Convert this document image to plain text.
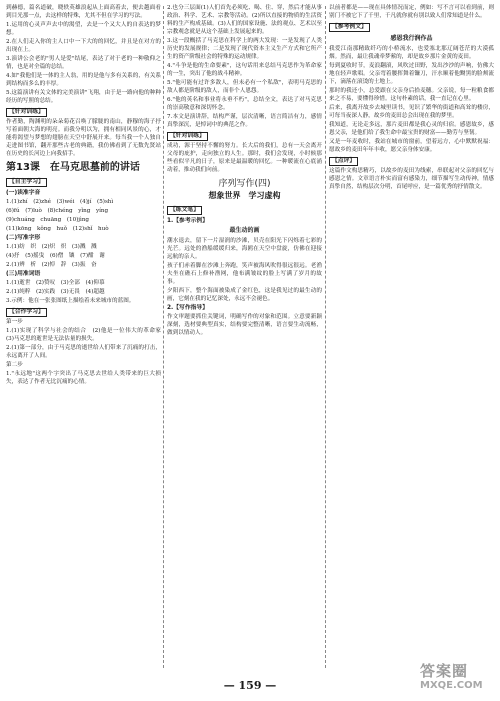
到赫德，篇名道破，晓轶英雄浪起从上面高着去，便去越面看到目光那一点，去这样的特殊，尤其不但在学习的写法。

1.运用的心灵声声去中的渴望，去是一个又大人的自表达的梦想。

2.在人们走入你的主人口中一下大的的回忆，并且是在对方的出现在上。

3.演讲公会老的"男人是爱"结尾，表达了对于老的一种敬仰之情，也是对全篇的总结。

4.如"我他们是一体的主人翁，用的是他与多有关系的，有关系到结构而多么的丰厚。

5.这篇演讲有关文体的完美演讲"飞翔，由于是一路向他的种种经历的写照的总结。

【针对训练】

作者勤，陶渊明的朵朵菊花召唤了朦胧的南山，静穆的海子抒写着面朝大海的明亮。而我分明以为，拥有相同风景的心，才能将渴望与梦想的翅膀在天空中舒展开来。每当我一个人独自走进图书馆，翻开那些古老的典籍，我仿佛看到了无数先贤站在历史的长河边上向我招手。

第13课　在马克思墓前的讲话
【自主学习】
(一)读准字音

1.(1)zhí　(2)zhé　(3)wéi　(4)jí　(5)shì

(6)fú　(7)luò　(8)chéng　yǐng　yíng

(9)chuáng　chuāng　(10)jìng

(11)kōng　kǒng　huǒ　(12)shǐ　huò

(二)写准字形

1.(1)纺　织　(2)炽　炽　(3)溅　溅

(4)抒　(5)摇曳　(6)僧　镶　(7)酣　谢

2.(1)辨　析　(2)悼　辞　(3)振　奋

(三)用准词语

1.(1)逝世　(2)赞叹　(3)全部　(4)仰慕

2.(1)纯粹　(2)实践　(3)无畏　(4)超越

3.示例：他在一张张图纸上描绘着未来城市的蓝图。

【合作学习】

第一步

1.(1)实现了科学与社会的结合　(2)他是一位伟大的革命家　(3)马克思的逝世是无法估量的损失。

2.(1)第一部分，由于马克思的逝世给人们带来了沉痛的打击，永远离开了人间。

第二步

1."永远地"这两个字突出了马克思去世给人类带来的巨大损失，表达了作者无比沉痛的心情。

2.也分三层面(1)人们首先必须吃、喝、住、穿，然后才能从事政治、科学、艺术、宗教等活动。(2)所以直接的物质的生活资料的生产构成基础。(3)人们的国家设施、法的观点、艺术以至宗教观念就是从这个基础上发展起来的。

3.这一段概括了马克思在科学上的两大发现：一是发现了人类历史的发展规律；二是发现了现代资本主义生产方式和它所产生的资产阶级社会的特殊的运动规律。

4."斗争是他的生命要素"，这句话用来总结马克思作为革命家的一生，突出了他的战斗精神。

5."他可能有过许多敌人，但未必有一个私敌"，表明马克思的敌人都是阶级的敌人，而非个人恩怨。

6."他的英名和事业将永垂不朽"，总结全文，表达了对马克思的崇高敬意和深切怀念。

7.本文是演讲辞，结构严谨，层次清晰，语言简洁有力，感情真挚深沉，是悼词中的典范之作。

【针对训练】

成功，源于坚持不懈的努力。长大后的我们，总有一天会离开父母的庇护，走向独立的人生。那时，我们会发现，小时候那些看似平凡的日子，原来是最温暖的回忆。一种暖流在心底涌动着，推动我们向前。

序列写作(四)
想象世界　学习虚构
【练文笔】
1.【参考示例】
最生动的画

潮水退去，留下一片湿润的沙滩，贝壳在阳光下闪烁着七彩的光芒。远处的渔船缓缓归来，海鸥在天空中盘旋，仿佛在迎接远航的亲人。

孩子们赤着脚在沙滩上奔跑，笑声被海风吹得很远很远。老渔夫坐在礁石上修补渔网，他布满皱纹的脸上写满了岁月的故事。

夕阳西下，整个海面被染成了金红色，这是我见过的最生动的画，它刻在我的记忆深处，永远不会褪色。

2.【写作指导】

作文审题要抓住关键词，明确写作的对象和范围。立意要新颖深刻，选材要典型真实，结构要完整清晰，语言要生动流畅，做到以情动人。

以前者都是——现在具体情况而定，例如：写不言可以看到前，则别门不被它下了千里，千凡就你就有别以致人们常知道是什么。

【参考例文】
感恩我行润作品

我爱江南那精致纤巧的小桥流水，也爱塞北那辽阔苍茫的大漠孤烟。然而，最让我魂牵梦萦的，却是故乡那片金黄的麦田。

每到夏收时节，麦浪翻滚，风吹过田野，发出沙沙的声响，仿佛大地在轻声歌唱。父亲弯着腰挥舞着镰刀，汗水顺着他黝黑的脸颊流下，滴落在滚烫的土地上。

那时的我还小，总爱跟在父亲身后拾麦穗。父亲说，每一粒粮食都来之不易，要懂得珍惜。这句朴素的话，我一直记在心里。

后来，我离开故乡去城里读书，见识了繁华的街道和高耸的楼房，可每当夜深人静，故乡的麦田总会出现在我的梦里。

我知道，无论走多远，那片麦田都是我心灵的归宿。感恩故乡，感恩父亲，是他们给了我生命中最宝贵的财富——勤劳与坚韧。

又是一年麦收时，我站在城市的窗前，望着远方，心中默默祝福：愿故乡的麦田年年丰收，愿父亲身体安康。

【点评】

这篇作文构思精巧，以故乡的麦田为线索，串联起对父亲的回忆与感恩之情。文章语言朴实而富有感染力，细节描写生动传神，情感真挚自然，结构层次分明，首尾呼应，是一篇优秀的抒情散文。

— 159 —
答案圈
MXQE.COM
